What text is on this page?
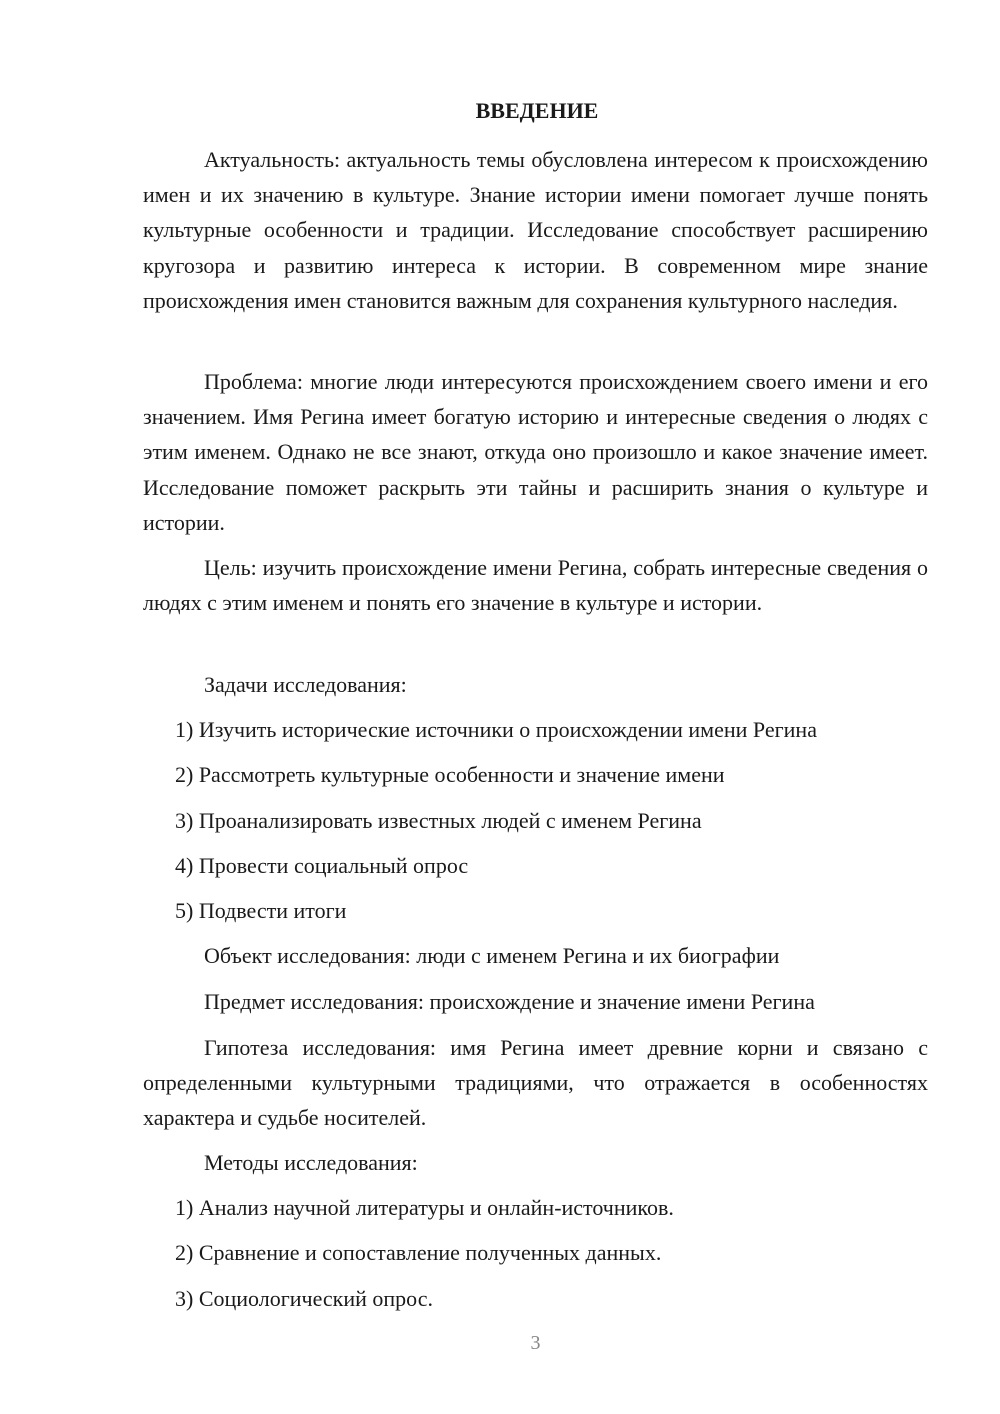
ВВЕДЕНИЕ

Актуальность: актуальность темы обусловлена интересом к происхождению имен и их значению в культуре. Знание истории имени помогает лучше понять культурные особенности и традиции. Исследование способствует расширению кругозора и развитию интереса к истории. В современном мире знание происхождения имен становится важным для сохранения культурного наследия.

Проблема: многие люди интересуются происхождением своего имени и его значением. Имя Регина имеет богатую историю и интересные сведения о людях с этим именем. Однако не все знают, откуда оно произошло и какое значение имеет. Исследование поможет раскрыть эти тайны и расширить знания о культуре и истории.

Цель: изучить происхождение имени Регина, собрать интересные сведения о людях с этим именем и понять его значение в культуре и истории.

Задачи исследования:

1) Изучить исторические источники о происхождении имени Регина

2) Рассмотреть культурные особенности и значение имени

3) Проанализировать известных людей с именем Регина

4) Провести социальный опрос

5) Подвести итоги

Объект исследования: люди с именем Регина и их биографии

Предмет исследования: происхождение и значение имени Регина

Гипотеза исследования: имя Регина имеет древние корни и связано с определенными культурными традициями, что отражается в особенностях характера и судьбе носителей.

Методы исследования:

1) Анализ научной литературы и онлайн-источников.

2) Сравнение и сопоставление полученных данных.

3) Социологический опрос.

3
